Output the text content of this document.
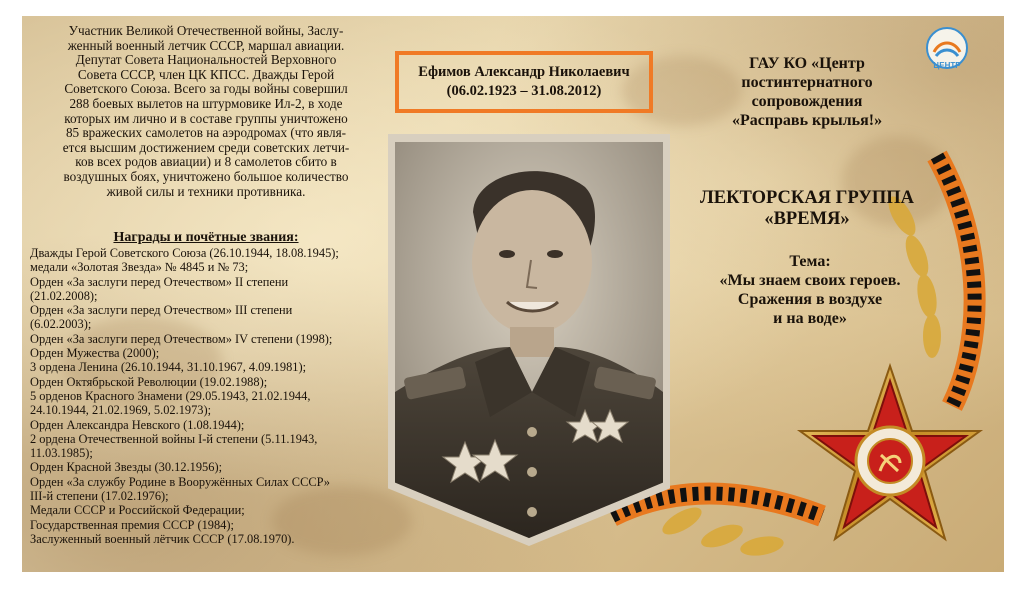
Участник Великой Отечественной войны, Заслу-
женный военный летчик СССР, маршал авиации.
Депутат Совета Национальностей Верховного
Совета СССР, член ЦК КПСС. Дважды Герой
Советского Союза. Всего за годы войны совершил
288 боевых вылетов на штурмовике Ил-2, в ходе
которых им лично и в составе группы уничтожено
85 вражеских самолетов на аэродромах (что явля-
ется высшим достижением среди советских летчи-
ков всех родов авиации) и 8 самолетов сбито в
воздушных боях, уничтожено большое количество
живой силы и техники противника.
Награды и почётные звания:
Дважды Герой Советского Союза (26.10.1944, 18.08.1945);
медали «Золотая Звезда» № 4845 и № 73;
Орден «За заслуги перед Отечеством» II степени
(21.02.2008);
Орден «За заслуги перед Отечеством» III степени
(6.02.2003);
Орден «За заслуги перед Отечеством» IV степени (1998);
Орден Мужества (2000);
3 ордена Ленина (26.10.1944, 31.10.1967, 4.09.1981);
Орден Октябрьской Революции (19.02.1988);
5 орденов Красного Знамени (29.05.1943, 21.02.1944,
24.10.1944, 21.02.1969, 5.02.1973);
Орден Александра Невского (1.08.1944);
2 ордена Отечественной войны I-й степени (5.11.1943,
11.03.1985);
Орден Красной Звезды (30.12.1956);
Орден «За службу Родине в Вооружённых Силах СССР»
III-й степени (17.02.1976);
Медали СССР и Российской Федерации;
Государственная премия СССР (1984);
Заслуженный военный лётчик СССР (17.08.1970).
Ефимов Александр Николаевич
(06.02.1923 – 31.08.2012)
ЦЕНТР
ГАУ КО «Центр
постинтернатного
сопровождения
«Расправь крылья!»
ЛЕКТОРСКАЯ ГРУППА
«ВРЕМЯ»
Тема:
«Мы знаем своих героев.
Сражения в воздухе
и на воде»
